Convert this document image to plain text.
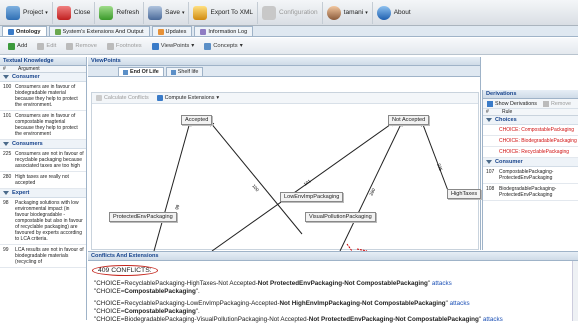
Project ▾	Close	Refresh	Save ▾	Export To XML	Configuration	tamani ▾	About
Ontology	System's Extensions And Output	Updates	Information Log
Add	Edit	Remove	Footnotes	ViewPoints ▾	Concepts ▾
Textual Knowledge
#	Argument
Consumer
100 Consumers are in favour of biodegradable material because they help to protect the environment.
101 Consumers are in favour of compostable magterial because they help to protect the environment
Consumers
225 Consumers are not in favour of recyclable packaging because associated taxes are too high
280 High taxes are really not accepted
Expert
98	Packaging solutions with low environmental impact (in favour biodegradable - compostable but also in favour of recyclable packaging) are favoured by experts according to LCA criteria.
99	LCA results are not in favour of biodegradable materials (recycling of
ViewPoints
End Of Life	Shelf life
Calculate Conflicts	Compute Extensions ▾
99
100
101
280
225
Accepted	Not Accepted
HighTaxes
LowEnvImpPackaging
ProtectedEnvPackaging	VisualPollutionPackaging
Derivations
Show Derivations	Remove
#	Rule
Choices
CHOICE: CompostablePackaging
CHOICE: BiodegradablePackaging
CHOICE: RecyclablePackaging
Consumer
107 CompostablePackaging-ProtectedEnvPackaging
108 BiodegradablePackaging-ProtectedEnvPackaging
Conflicts And Extensions
409 CONFLICTS:
"CHOICE=RecyclablePackaging-HighTaxes-Not Accepted-Not ProtectedEnvPackaging-Not CompostablePackaging" attacks
"CHOICE=CompostablePackaging".
"CHOICE=RecyclablePackaging-LowEnvImpPackaging-Accepted-Not HighEnvImpPackaging-Not CompostablePackaging" attacks
"CHOICE=CompostablePackaging".
"CHOICE=BiodegradablePackaging-VisualPollutionPackaging-Not Accepted-Not ProtectedEnvPackaging-Not CompostablePackaging" attacks
